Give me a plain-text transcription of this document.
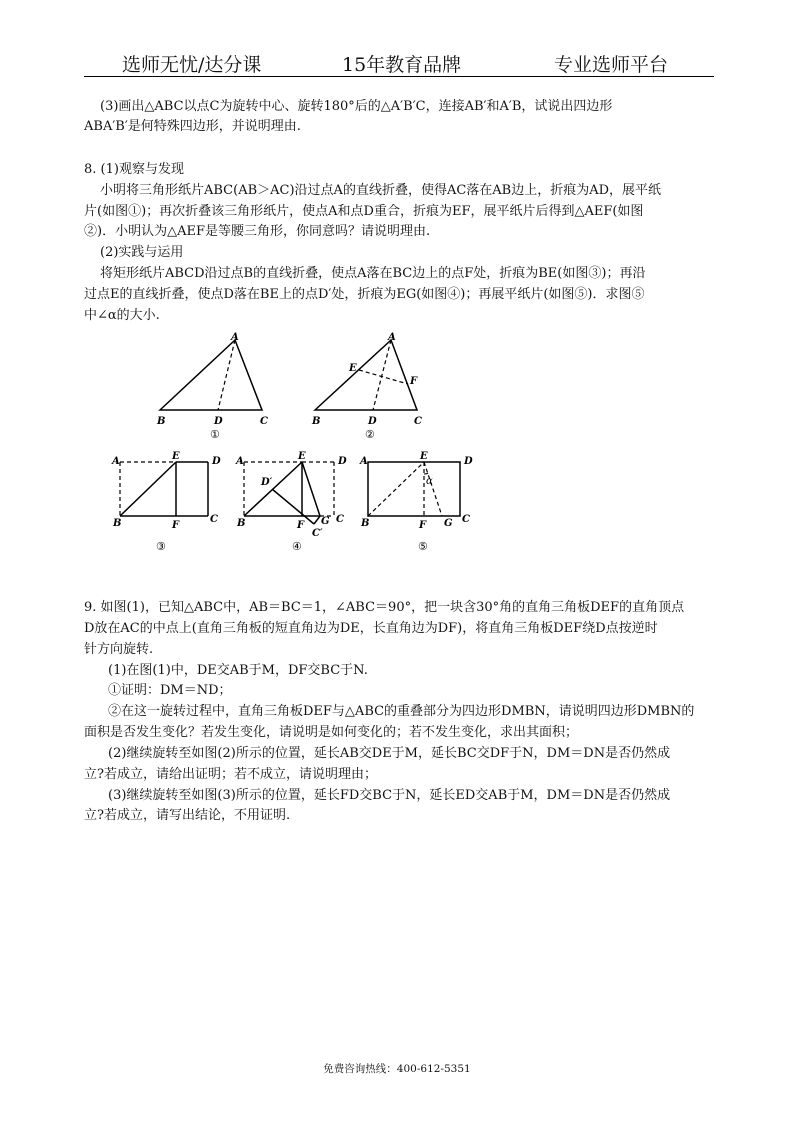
选师无忧/达分课	15年教育品牌	专业选师平台
(3)画出△ABC以点C为旋转中心、旋转180°后的△A′B′C，连接AB′和A′B，试说出四边形
ABA′B′是何特殊四边形，并说明理由.
8. (1)观察与发现
小明将三角形纸片ABC(AB＞AC)沿过点A的直线折叠，使得AC落在AB边上，折痕为AD，展平纸
片(如图①)；再次折叠该三角形纸片，使点A和点D重合，折痕为EF，展平纸片后得到△AEF(如图
②)．小明认为△AEF是等腰三角形，你同意吗？请说明理由.
(2)实践与运用
将矩形纸片ABCD沿过点B的直线折叠，使点A落在BC边上的点F处，折痕为BE(如图③)；再沿
过点E的直线折叠，使点D落在BE上的点D′处，折痕为EG(如图④)；再展平纸片(如图⑤)．求图⑤
中∠α的大小.
A
B	D	C
①
A
E
F
B	D	C
②
A	E	D
B	F
C
③
A	E	D
D′
B	F G C
C′
④
A	E	D
α
B	F G C
⑤
9. 如图(1)，已知△ABC中，AB＝BC＝1，∠ABC＝90°，把一块含30°角的直角三角板DEF的直角顶点
D放在AC的中点上(直角三角板的短直角边为DE，长直角边为DF)，将直角三角板DEF绕D点按逆时
针方向旋转.
(1)在图(1)中，DE交AB于M，DF交BC于N.
①证明：DM＝ND；
②在这一旋转过程中，直角三角板DEF与△ABC的重叠部分为四边形DMBN，请说明四边形DMBN的
面积是否发生变化？若发生变化，请说明是如何变化的；若不发生变化，求出其面积；
(2)继续旋转至如图(2)所示的位置，延长AB交DE于M，延长BC交DF于N，DM＝DN是否仍然成
立?若成立，请给出证明；若不成立，请说明理由；
(3)继续旋转至如图(3)所示的位置，延长FD交BC于N，延长ED交AB于M，DM＝DN是否仍然成
立?若成立，请写出结论，不用证明.
免费咨询热线：400-612-5351
